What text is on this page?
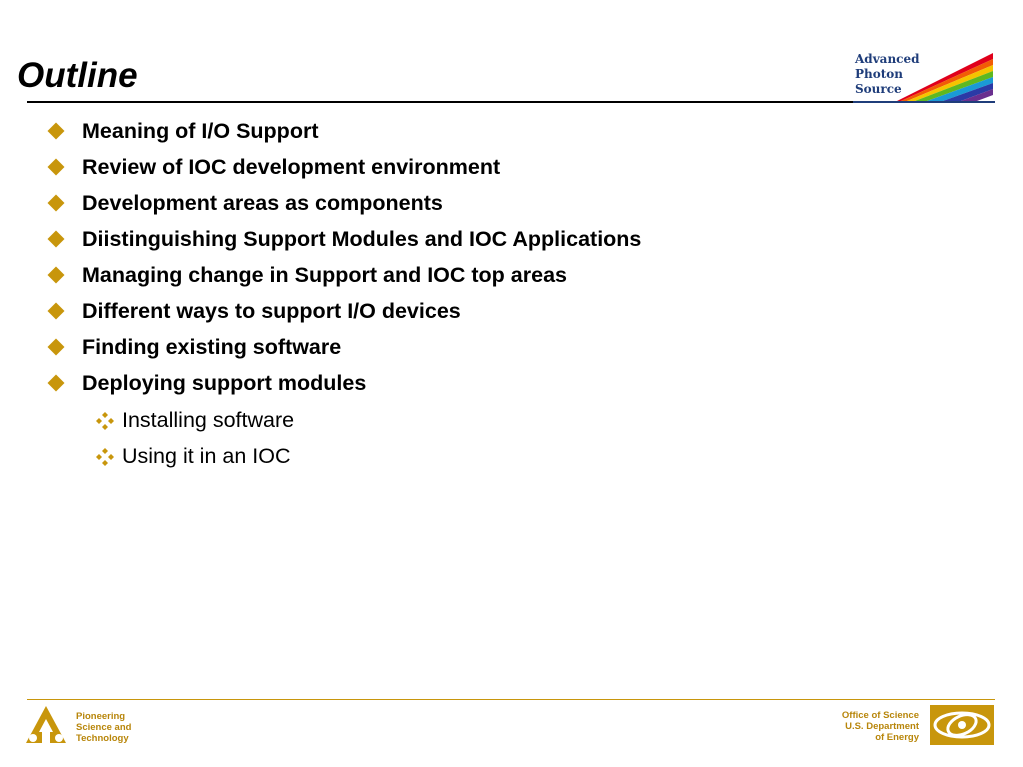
Outline	Advanced
Photon
Source
Meaning of I/O Support
Review of IOC development environment
Development areas as components
Diistinguishing Support Modules and IOC Applications
Managing change in Support and IOC top areas
Different ways to support I/O devices
Finding existing software
Deploying support modules
Installing software
Using it in an IOC
Pioneering
Science and
Technology
Office of Science
U.S. Department
of Energy
